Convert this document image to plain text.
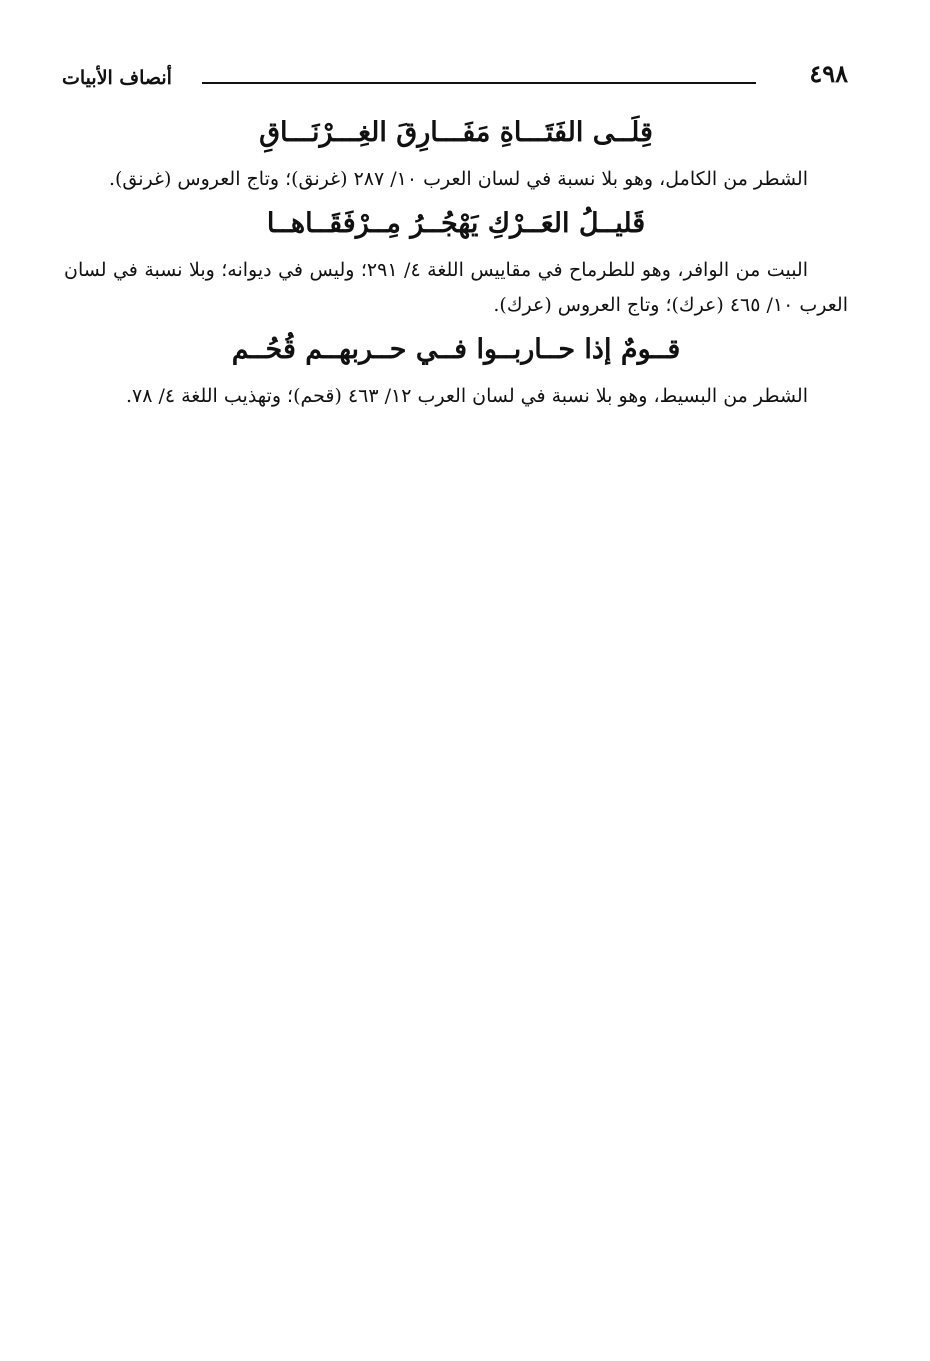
٤٩٨
أنصاف الأبيات

قِلَــى الفَتَـــاةِ مَفَـــارِقَ الغِـــرْنَـــاقِ

الشطر من الكامل، وهو بلا نسبة في لسان العرب ١٠/ ٢٨٧ (غرنق)؛ وتاج العروس (غرنق).

قَليــلُ العَــرْكِ يَهْجُــرُ مِــرْفَقَــاهــا

البيت من الوافر، وهو للطرماح في مقاييس اللغة ٤/ ٢٩١؛ وليس في ديوانه؛ وبلا نسبة في لسان العرب ١٠/ ٤٦٥ (عرك)؛ وتاج العروس (عرك).

قــومٌ إذا حــاربــوا فــي حــربهــم قُحُــم

الشطر من البسيط، وهو بلا نسبة في لسان العرب ١٢/ ٤٦٣ (قحم)؛ وتهذيب اللغة ٤/ ٧٨.
